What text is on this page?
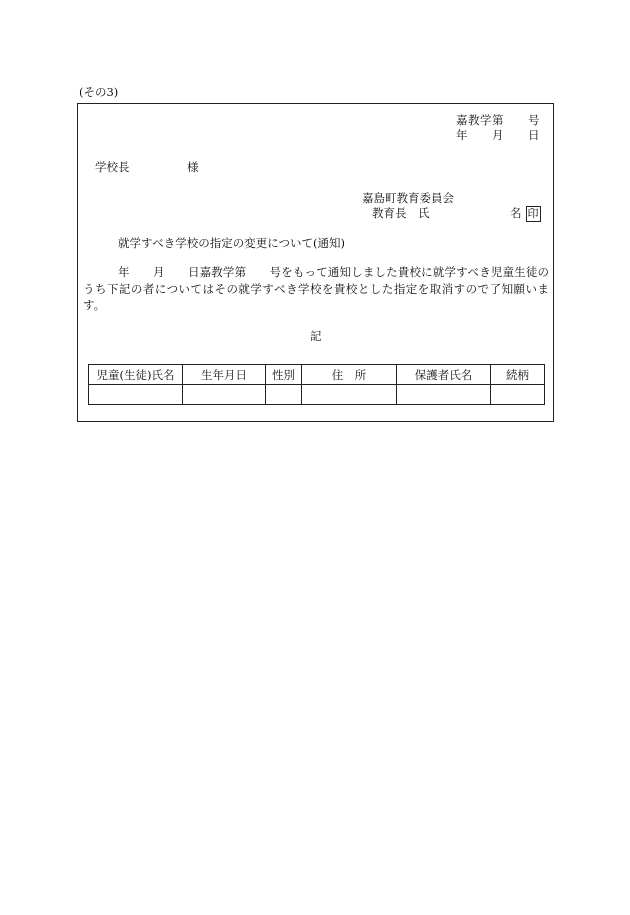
(その3)
嘉教学第　　号
年　　月　　日
学校長　　　　　様
嘉島町教育委員会
教育長　氏　　　　　　　名 印
就学すべき学校の指定の変更について(通知)
　　　年　　月　　日嘉教学第　　号をもって通知しました貴校に就学すべき児童生徒のうち下記の者についてはその就学すべき学校を貴校とした指定を取消すので了知願います。
記
児童(生徒)氏名	生年月日	性別	住　所	保護者氏名	続柄
